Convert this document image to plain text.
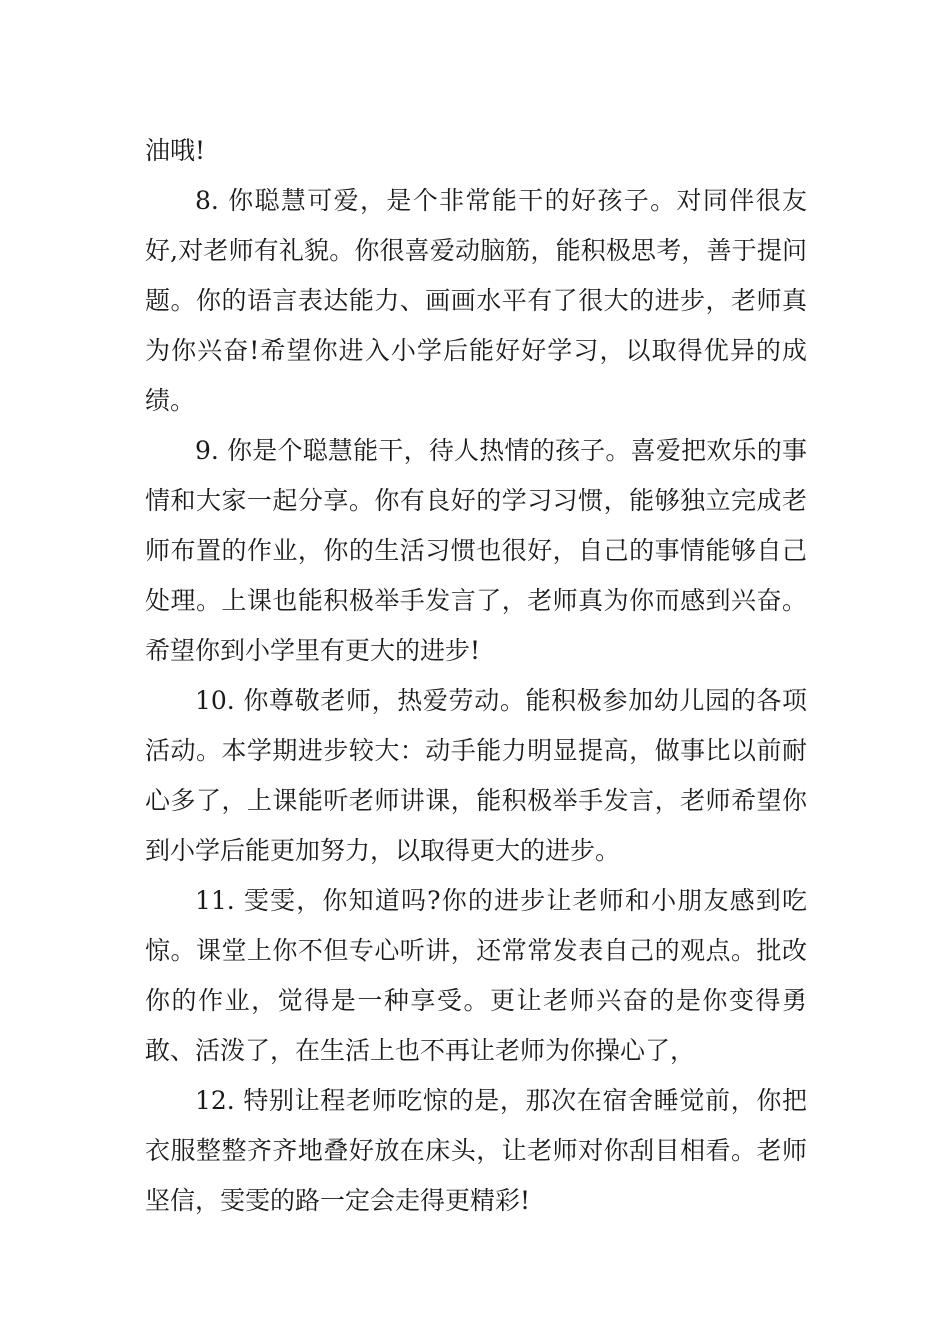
油哦!

8. 你聪慧可爱，是个非常能干的好孩子。对同伴很友好,对老师有礼貌。你很喜爱动脑筋，能积极思考，善于提问题。你的语言表达能力、画画水平有了很大的进步，老师真为你兴奋!希望你进入小学后能好好学习，以取得优异的成绩。

9. 你是个聪慧能干，待人热情的孩子。喜爱把欢乐的事情和大家一起分享。你有良好的学习习惯，能够独立完成老师布置的作业，你的生活习惯也很好，自己的事情能够自己处理。上课也能积极举手发言了，老师真为你而感到兴奋。希望你到小学里有更大的进步!

10. 你尊敬老师，热爱劳动。能积极参加幼儿园的各项活动。本学期进步较大：动手能力明显提高，做事比以前耐心多了，上课能听老师讲课，能积极举手发言，老师希望你到小学后能更加努力，以取得更大的进步。

11. 雯雯，你知道吗?你的进步让老师和小朋友感到吃惊。课堂上你不但专心听讲，还常常发表自己的观点。批改你的作业，觉得是一种享受。更让老师兴奋的是你变得勇敢、活泼了，在生活上也不再让老师为你操心了，

12. 特别让程老师吃惊的是，那次在宿舍睡觉前，你把衣服整整齐齐地叠好放在床头，让老师对你刮目相看。老师坚信，雯雯的路一定会走得更精彩!
